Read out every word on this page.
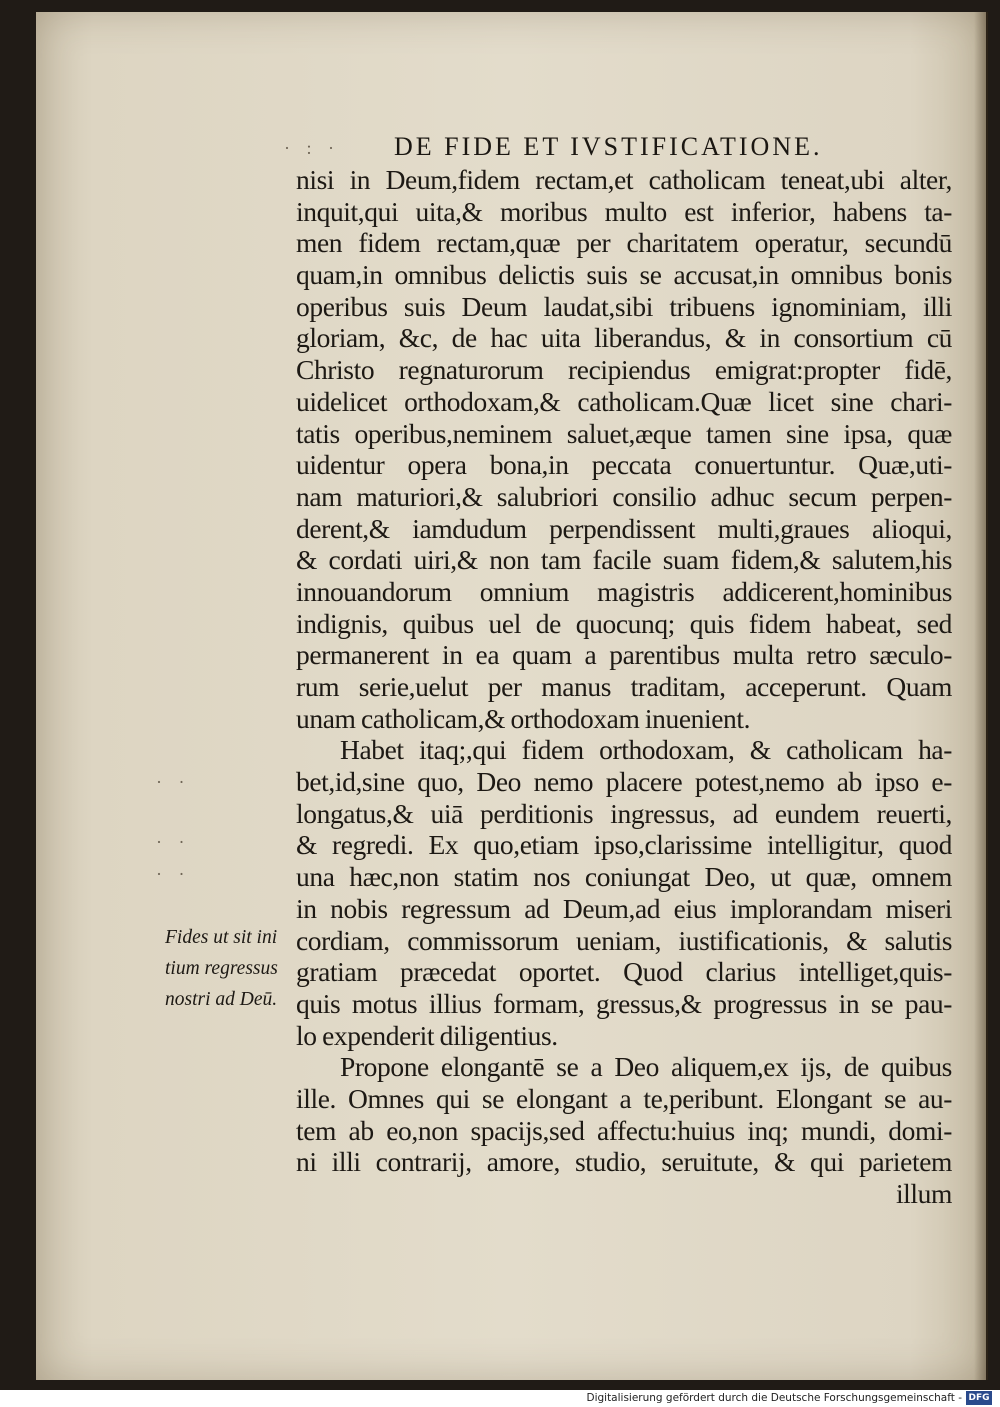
DE FIDE ET IVSTIFICATIONE.
· : ·
· ·
· ·
· ·
nisi in Deum,fidem rectam,et catholicam teneat,ubi alter,
inquit,qui uita,& moribus multo est inferior, habens ta-
men fidem rectam,quæ per charitatem operatur, secundū
quam,in omnibus delictis suis se accusat,in omnibus bonis
operibus suis Deum laudat,sibi tribuens ignominiam, illi
gloriam, &c, de hac uita liberandus, & in consortium cū
Christo regnaturorum recipiendus emigrat:propter fidē,
uidelicet orthodoxam,& catholicam.Quæ licet sine chari-
tatis operibus,neminem saluet,æque tamen sine ipsa, quæ
uidentur opera bona,in peccata conuertuntur. Quæ,uti-
nam maturiori,& salubriori consilio adhuc secum perpen-
derent,& iamdudum perpendissent multi,graues alioqui,
& cordati uiri,& non tam facile suam fidem,& salutem,his
innouandorum omnium magistris addicerent,hominibus
indignis, quibus uel de quocunq; quis fidem habeat, sed
permanerent in ea quam a parentibus multa retro sæculo-
rum serie,uelut per manus traditam, acceperunt. Quam
unam catholicam,& orthodoxam inuenient.
Habet itaq;,qui fidem orthodoxam, & catholicam ha-
bet,id,sine quo, Deo nemo placere potest,nemo ab ipso e-
longatus,& uiā perditionis ingressus, ad eundem reuerti,
& regredi. Ex quo,etiam ipso,clarissime intelligitur, quod
una hæc,non statim nos coniungat Deo, ut quæ, omnem
in nobis regressum ad Deum,ad eius implorandam miseri
cordiam, commissorum ueniam, iustificationis, & salutis
gratiam præcedat oportet. Quod clarius intelliget,quis-
quis motus illius formam, gressus,& progressus in se pau-
lo expenderit diligentius.
Propone elongantē se a Deo aliquem,ex ijs, de quibus
ille. Omnes qui se elongant a te,peribunt. Elongant se au-
tem ab eo,non spacijs,sed affectu:huius inq; mundi, domi-
ni illi contrarij, amore, studio, seruitute, & qui parietem
illum
Fides ut sit ini
tium regressus
nostri ad Deū.
Digitalisierung gefördert durch die Deutsche Forschungsgemeinschaft - DFG
